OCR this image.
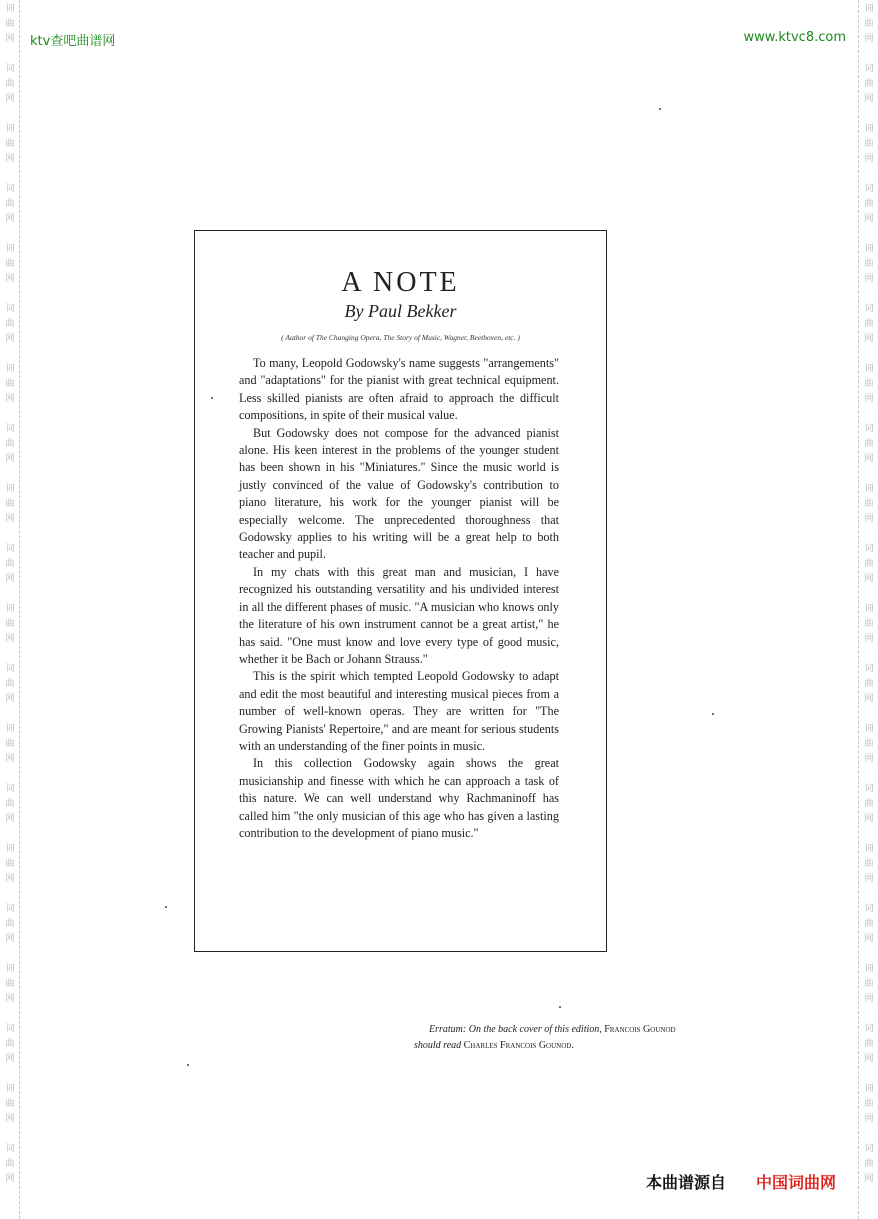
词曲网
词曲网
词曲网
词曲网
词曲网
词曲网
词曲网
词曲网
词曲网
词曲网
词曲网
词曲网
词曲网
词曲网
词曲网
词曲网
词曲网
词曲网
词曲网
词曲网
词曲网
词曲网
词曲网
词曲网
词曲网
词曲网
词曲网
词曲网
词曲网
词曲网
词曲网
词曲网
词曲网
词曲网
词曲网
词曲网
词曲网
词曲网
词曲网
词曲网
ktv查吧曲谱网	www.ktvc8.com
A NOTE
By Paul Bekker
( Author of The Changing Opera, The Story of Music, Wagner, Beethoven, etc. )

To many, Leopold Godowsky's name suggests "arrangements" and "adaptations" for the pianist with great technical equipment. Less skilled pianists are often afraid to approach the difficult compositions, in spite of their musical value.

But Godowsky does not compose for the advanced pianist alone. His keen interest in the problems of the younger student has been shown in his "Miniatures." Since the music world is justly convinced of the value of Godowsky's contribution to piano literature, his work for the younger pianist will be especially welcome. The unprecedented thoroughness that Godowsky applies to his writing will be a great help to both teacher and pupil.

In my chats with this great man and musician, I have recognized his outstanding versatility and his undivided interest in all the different phases of music. "A musician who knows only the literature of his own instrument cannot be a great artist," he has said. "One must know and love every type of good music, whether it be Bach or Johann Strauss."

This is the spirit which tempted Leopold Godowsky to adapt and edit the most beautiful and interesting musical pieces from a number of well-known operas. They are written for "The Growing Pianists' Repertoire," and are meant for serious students with an understanding of the finer points in music.

In this collection Godowsky again shows the great musicianship and finesse with which he can approach a task of this nature. We can well understand why Rachmaninoff has called him "the only musician of this age who has given a lasting contribution to the development of piano music."

Erratum: On the back cover of this edition, Francois Gounod
should read Charles Francois Gounod.
本曲谱源自 中国词曲网
